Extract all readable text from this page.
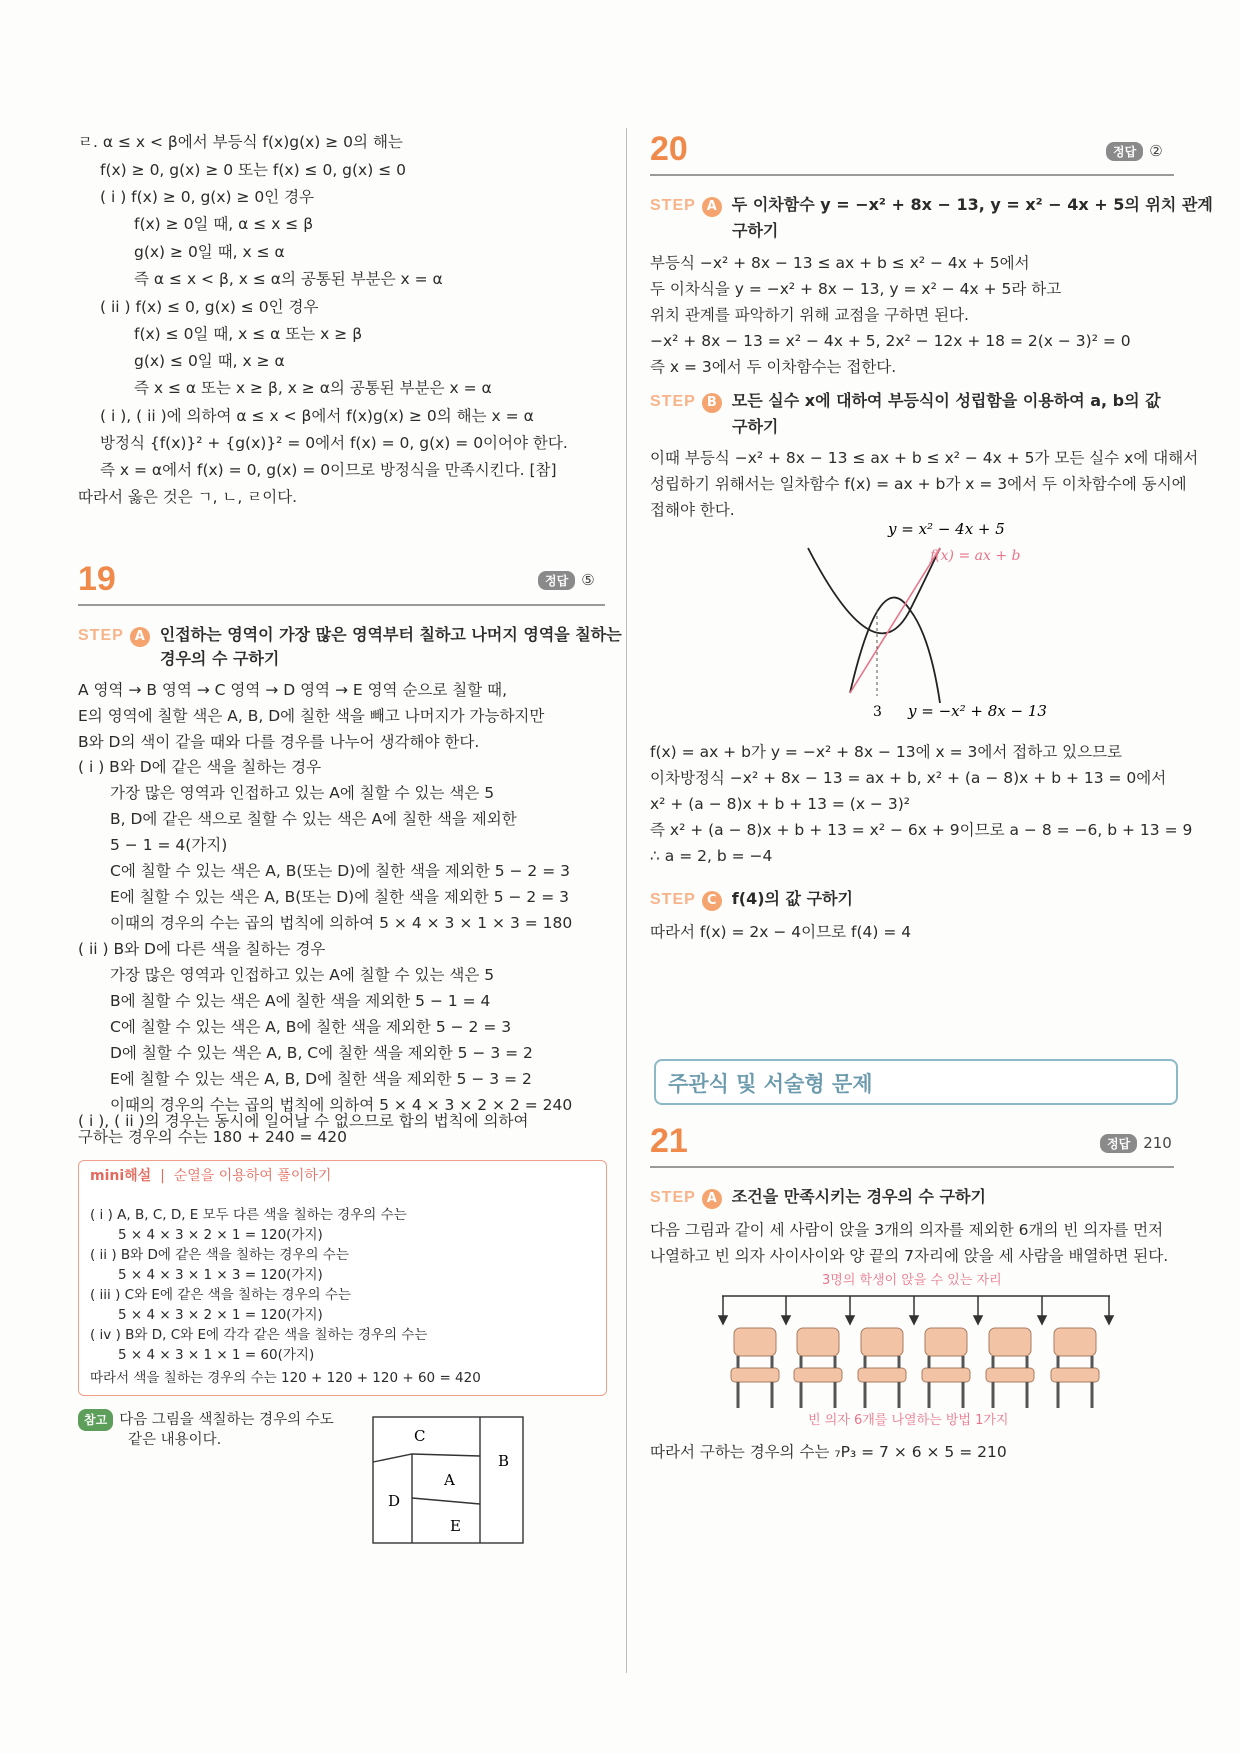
ㄹ. α ≤ x < β에서 부등식 f(x)g(x) ≥ 0의 해는
f(x) ≥ 0, g(x) ≥ 0 또는 f(x) ≤ 0, g(x) ≤ 0
( i ) f(x) ≥ 0, g(x) ≥ 0인 경우
f(x) ≥ 0일 때, α ≤ x ≤ β
g(x) ≥ 0일 때, x ≤ α
즉 α ≤ x < β, x ≤ α의 공통된 부분은 x = α
( ii ) f(x) ≤ 0, g(x) ≤ 0인 경우
f(x) ≤ 0일 때, x ≤ α 또는 x ≥ β
g(x) ≤ 0일 때, x ≥ α
즉 x ≤ α 또는 x ≥ β, x ≥ α의 공통된 부분은 x = α
( i ), ( ii )에 의하여 α ≤ x < β에서 f(x)g(x) ≥ 0의 해는 x = α
방정식 {f(x)}² + {g(x)}² = 0에서 f(x) = 0, g(x) = 0이어야 한다.
즉 x = α에서 f(x) = 0, g(x) = 0이므로 방정식을 만족시킨다. [참]
따라서 옳은 것은 ㄱ, ㄴ, ㄹ이다.
19	정답 ⑤
STEP A 인접하는 영역이 가장 많은 영역부터 칠하고 나머지 영역을 칠하는
경우의 수 구하기
A 영역 → B 영역 → C 영역 → D 영역 → E 영역 순으로 칠할 때,
E의 영역에 칠할 색은 A, B, D에 칠한 색을 빼고 나머지가 가능하지만
B와 D의 색이 같을 때와 다를 경우를 나누어 생각해야 한다.
( i ) B와 D에 같은 색을 칠하는 경우
가장 많은 영역과 인접하고 있는 A에 칠할 수 있는 색은 5
B, D에 같은 색으로 칠할 수 있는 색은 A에 칠한 색을 제외한
5 − 1 = 4(가지)
C에 칠할 수 있는 색은 A, B(또는 D)에 칠한 색을 제외한 5 − 2 = 3
E에 칠할 수 있는 색은 A, B(또는 D)에 칠한 색을 제외한 5 − 2 = 3
이때의 경우의 수는 곱의 법칙에 의하여 5 × 4 × 3 × 1 × 3 = 180
( ii ) B와 D에 다른 색을 칠하는 경우
가장 많은 영역과 인접하고 있는 A에 칠할 수 있는 색은 5
B에 칠할 수 있는 색은 A에 칠한 색을 제외한 5 − 1 = 4
C에 칠할 수 있는 색은 A, B에 칠한 색을 제외한 5 − 2 = 3
D에 칠할 수 있는 색은 A, B, C에 칠한 색을 제외한 5 − 3 = 2
E에 칠할 수 있는 색은 A, B, D에 칠한 색을 제외한 5 − 3 = 2
이때의 경우의 수는 곱의 법칙에 의하여 5 × 4 × 3 × 2 × 2 = 240
( i ), ( ii )의 경우는 동시에 일어날 수 없으므로 합의 법칙에 의하여
구하는 경우의 수는 180 + 240 = 420
mini해설  |  순열을 이용하여 풀이하기
( i ) A, B, C, D, E 모두 다른 색을 칠하는 경우의 수는
5 × 4 × 3 × 2 × 1 = 120(가지)
( ii ) B와 D에 같은 색을 칠하는 경우의 수는
5 × 4 × 3 × 1 × 3 = 120(가지)
( iii ) C와 E에 같은 색을 칠하는 경우의 수는
5 × 4 × 3 × 2 × 1 = 120(가지)
( iv ) B와 D, C와 E에 각각 같은 색을 칠하는 경우의 수는
5 × 4 × 3 × 1 × 1 = 60(가지)
따라서 색을 칠하는 경우의 수는 120 + 120 + 120 + 60 = 420
참고 다음 그림을 색칠하는 경우의 수도
같은 내용이다.	C
B
A
D
E
20	정답 ②
STEP A 두 이차함수 y = −x² + 8x − 13, y = x² − 4x + 5의 위치 관계
구하기
부등식 −x² + 8x − 13 ≤ ax + b ≤ x² − 4x + 5에서
두 이차식을 y = −x² + 8x − 13, y = x² − 4x + 5라 하고
위치 관계를 파악하기 위해 교점을 구하면 된다.
−x² + 8x − 13 = x² − 4x + 5, 2x² − 12x + 18 = 2(x − 3)² = 0
즉 x = 3에서 두 이차함수는 접한다.
STEP B 모든 실수 x에 대하여 부등식이 성립함을 이용하여 a, b의 값
구하기
이때 부등식 −x² + 8x − 13 ≤ ax + b ≤ x² − 4x + 5가 모든 실수 x에 대해서
성립하기 위해서는 일차함수 f(x) = ax + b가 x = 3에서 두 이차함수에 동시에
접해야 한다.
y = x² − 4x + 5
f(x) = ax + b
3 y = −x² + 8x − 13
f(x) = ax + b가 y = −x² + 8x − 13에 x = 3에서 접하고 있으므로
이차방정식 −x² + 8x − 13 = ax + b, x² + (a − 8)x + b + 13 = 0에서
x² + (a − 8)x + b + 13 = (x − 3)²
즉 x² + (a − 8)x + b + 13 = x² − 6x + 9이므로 a − 8 = −6, b + 13 = 9
∴ a = 2, b = −4
STEP C f(4)의 값 구하기
따라서 f(x) = 2x − 4이므로 f(4) = 4
주관식 및 서술형 문제
21	정답 210
STEP A 조건을 만족시키는 경우의 수 구하기
다음 그림과 같이 세 사람이 앉을 3개의 의자를 제외한 6개의 빈 의자를 먼저
나열하고 빈 의자 사이사이와 양 끝의 7자리에 앉을 세 사람을 배열하면 된다.
3명의 학생이 앉을 수 있는 자리
빈 의자 6개를 나열하는 방법 1가지
따라서 구하는 경우의 수는 ₇P₃ = 7 × 6 × 5 = 210
